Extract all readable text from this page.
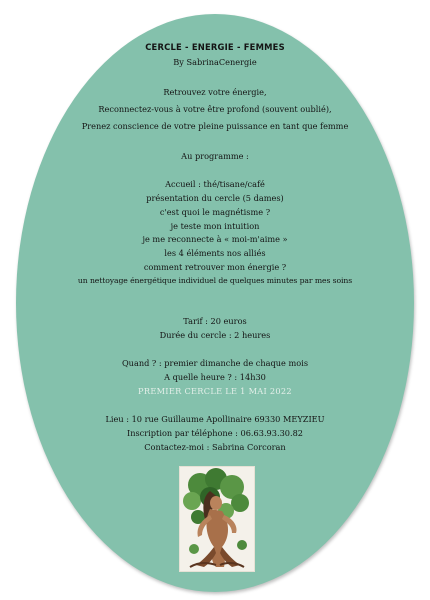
CERCLE - ENERGIE - FEMMES
By SabrinaCenergie
Retrouvez votre énergie,
Reconnectez-vous à votre être profond (souvent oublié),
Prenez conscience de votre pleine puissance en tant que femme
Au programme :
Accueil : thé/tisane/café
présentation du cercle (5 dames)
c'est quoi le magnétisme ?
je teste mon intuition
je me reconnecte à « moi-m'aime »
les 4 éléments nos alliés
comment retrouver mon énergie ?
un nettoyage énergétique individuel de quelques minutes par mes soins
Tarif : 20 euros
Durée du cercle : 2 heures
Quand ? : premier dimanche de chaque mois
A quelle heure ? : 14h30
PREMIER CERCLE LE 1 MAI 2022
Lieu : 10 rue Guillaume Apollinaire 69330 MEYZIEU
Inscription par téléphone : 06.63.93.30.82
Contactez-moi : Sabrina Corcoran
